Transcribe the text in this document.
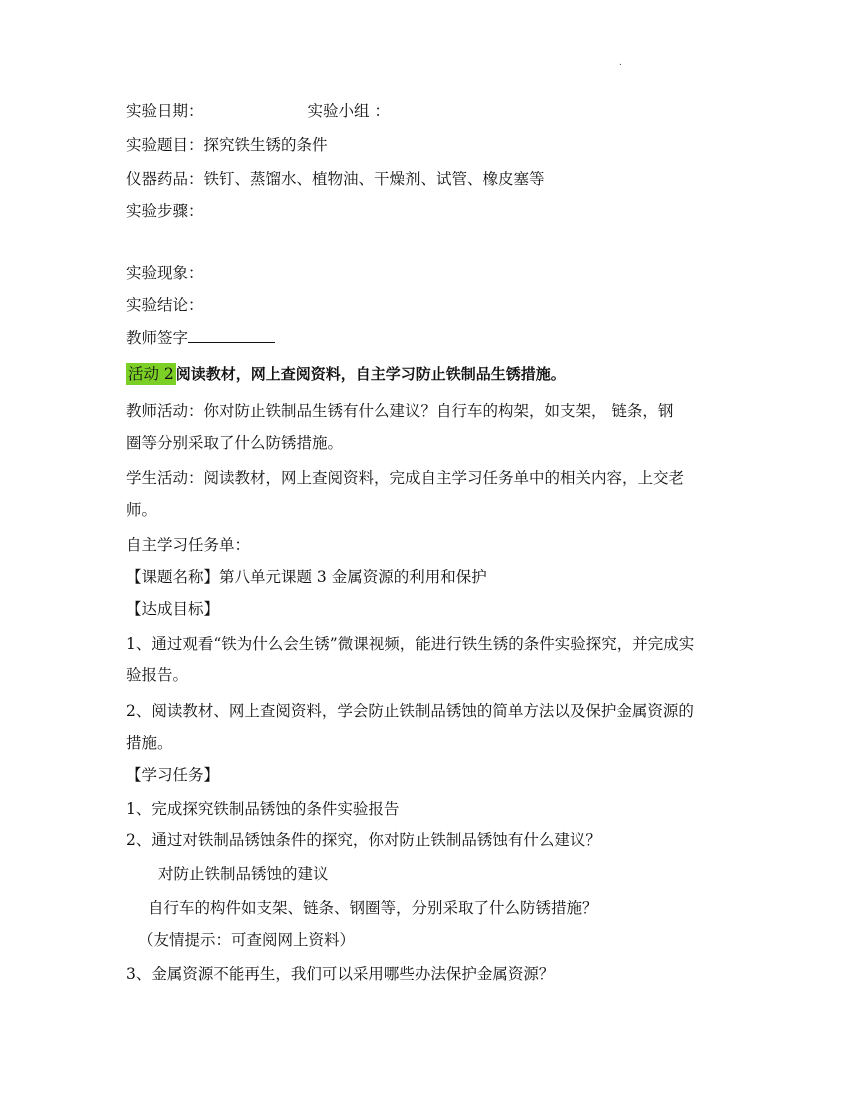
.
实验日期：	实验小组 ：
实验题目：探究铁生锈的条件
仪器药品：铁钉、蒸馏水、植物油、干燥剂、试管、橡皮塞等
实验步骤：
实验现象：
实验结论：
教师签字
活动 2 阅读教材，网上查阅资料，自主学习防止铁制品生锈措施。
教师活动：你对防止铁制品生锈有什么建议？自行车的构架，如支架， 链条，钢
圈等分别采取了什么防锈措施。
学生活动：阅读教材，网上查阅资料，完成自主学习任务单中的相关内容，上交老
师。
自主学习任务单：
【课题名称】第八单元课题 3 金属资源的利用和保护
【达成目标】
1、通过观看“铁为什么会生锈”微课视频，能进行铁生锈的条件实验探究，并完成实
验报告。
2、阅读教材、网上查阅资料，学会防止铁制品锈蚀的简单方法以及保护金属资源的
措施。
【学习任务】
1、完成探究铁制品锈蚀的条件实验报告
2、通过对铁制品锈蚀条件的探究，你对防止铁制品锈蚀有什么建议？
对防止铁制品锈蚀的建议
自行车的构件如支架、链条、钢圈等，分别采取了什么防锈措施？
（友情提示：可查阅网上资料）
3、金属资源不能再生，我们可以采用哪些办法保护金属资源？
